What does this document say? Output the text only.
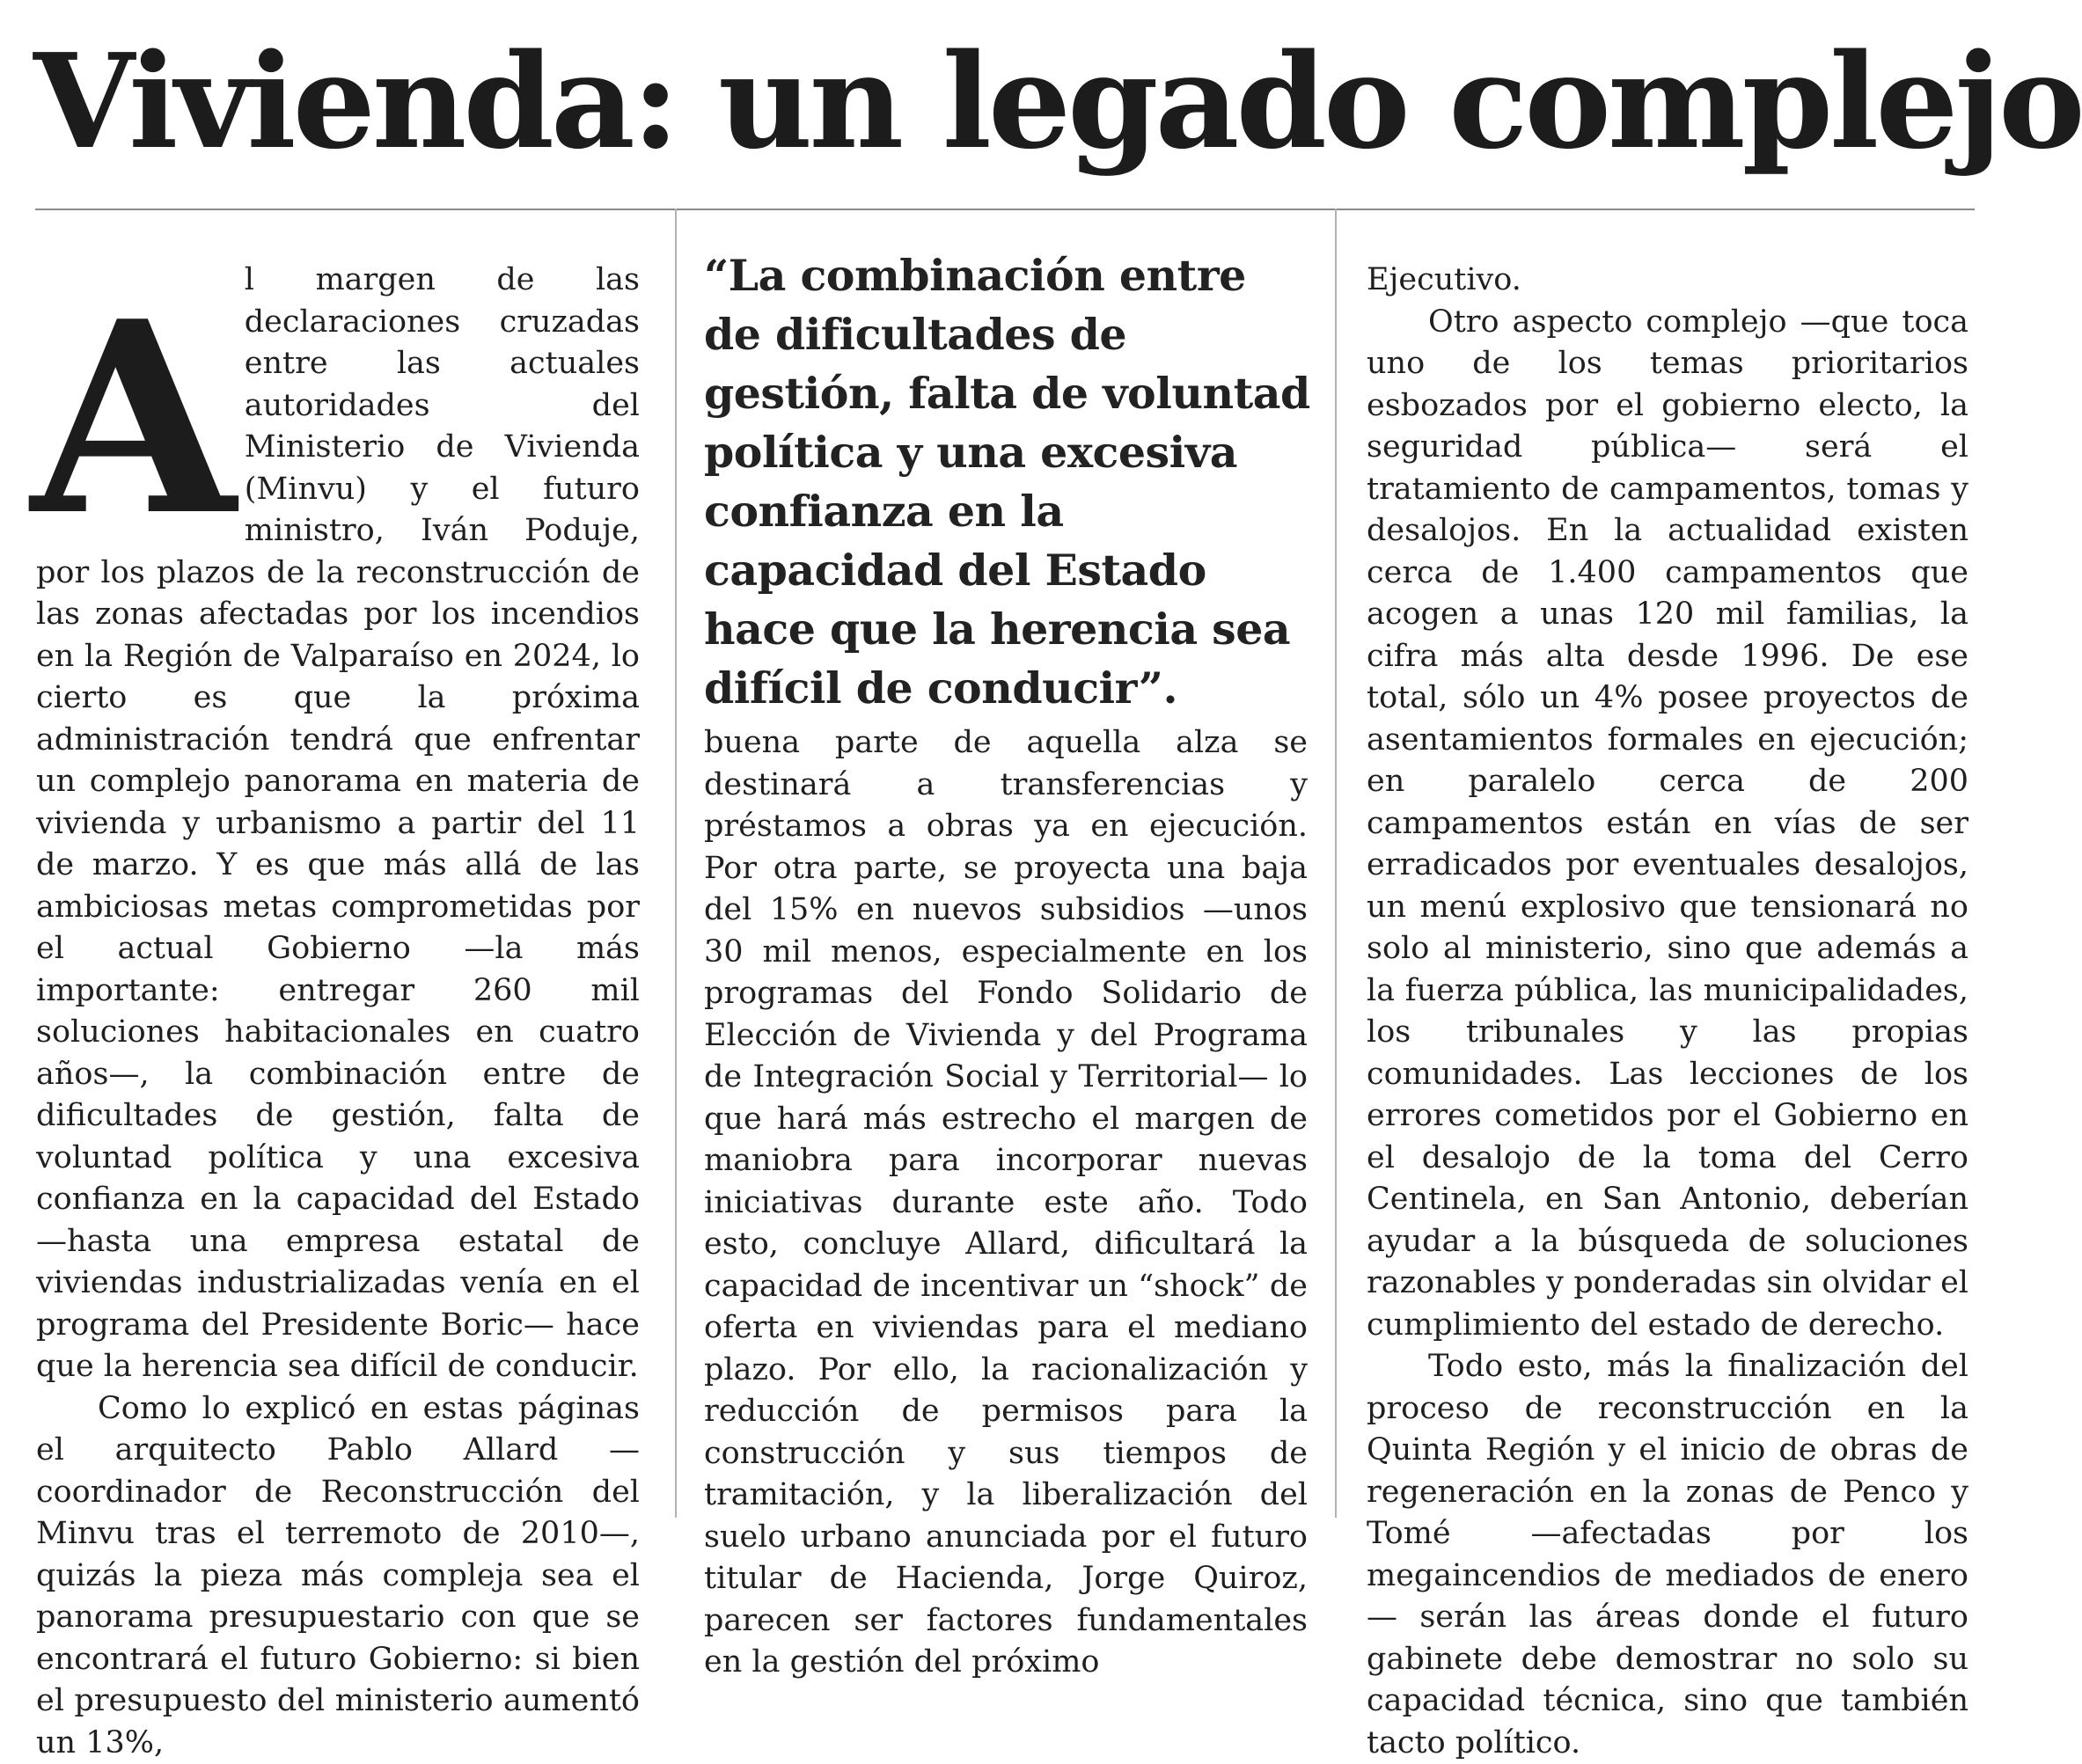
Vivienda: un legado complejo
A l margen de las declaraciones cruzadas entre las actuales autoridades del Ministerio de Vivienda (Minvu) y el futuro ministro, Iván Poduje, por los plazos de la reconstrucción de las zonas afectadas por los incendios en la Región de Valparaíso en 2024, lo cierto es que la próxima administración tendrá que enfrentar un complejo panorama en materia de vivienda y urbanismo a partir del 11 de marzo. Y es que más allá de las ambiciosas metas comprometidas por el actual Gobierno —la más importante: entregar 260 mil soluciones habitacionales en cuatro años—, la combinación entre de dificultades de gestión, falta de voluntad política y una excesiva confianza en la capacidad del Estado —hasta una empresa estatal de viviendas industrializadas venía en el programa del Presidente Boric— hace que la herencia sea difícil de conducir.

Como lo explicó en estas páginas el arquitecto Pablo Allard —coordinador de Reconstrucción del Minvu tras el terremoto de 2010—, quizás la pieza más compleja sea el panorama presupuestario con que se encontrará el futuro Gobierno: si bien el presupuesto del ministerio aumentó un 13%,

“La combinación entre de dificultades de gestión, falta de voluntad política y una excesiva confianza en la capacidad del Estado hace que la herencia sea difícil de conducir”.

buena parte de aquella alza se destinará a transferencias y préstamos a obras ya en ejecución. Por otra parte, se proyecta una baja del 15% en nuevos subsidios —unos 30 mil menos, especialmente en los programas del Fondo Solidario de Elección de Vivienda y del Programa de Integración Social y Territorial— lo que hará más estrecho el margen de maniobra para incorporar nuevas iniciativas durante este año. Todo esto, concluye Allard, dificultará la capacidad de incentivar un “shock” de oferta en viviendas para el mediano plazo. Por ello, la racionalización y reducción de permisos para la construcción y sus tiempos de tramitación, y la liberalización del suelo urbano anunciada por el futuro titular de Hacienda, Jorge Quiroz, parecen ser factores fundamentales en la gestión del próximo

Ejecutivo.

Otro aspecto complejo —que toca uno de los temas prioritarios esbozados por el gobierno electo, la seguridad pública— será el tratamiento de campamentos, tomas y desalojos. En la actualidad existen cerca de 1.400 campamentos que acogen a unas 120 mil familias, la cifra más alta desde 1996. De ese total, sólo un 4% posee proyectos de asentamientos formales en ejecución; en paralelo cerca de 200 campamentos están en vías de ser erradicados por eventuales desalojos, un menú explosivo que tensionará no solo al ministerio, sino que además a la fuerza pública, las municipalidades, los tribunales y las propias comunidades. Las lecciones de los errores cometidos por el Gobierno en el desalojo de la toma del Cerro Centinela, en San Antonio, deberían ayudar a la búsqueda de soluciones razonables y ponderadas sin olvidar el cumplimiento del estado de derecho.

Todo esto, más la finalización del proceso de reconstrucción en la Quinta Región y el inicio de obras de regeneración en la zonas de Penco y Tomé —afectadas por los megaincendios de mediados de enero— serán las áreas donde el futuro gabinete debe demostrar no solo su capacidad técnica, sino que también tacto político.
